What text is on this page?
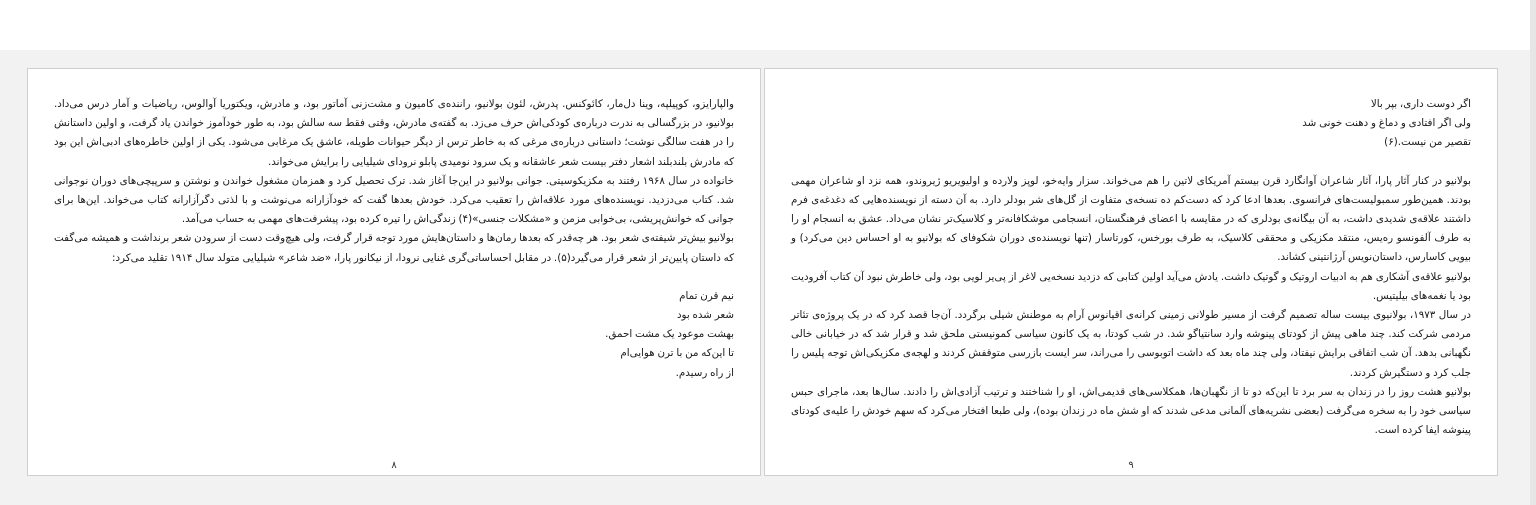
والپارایزو، کوپیلپه، وینا دل‌مار، کائوکنس. پدرش، لئون بولانیو، راننده‌ی کامیون و مشت‌زنی آماتور بود، و مادرش، ویکتوریا آوالوس، ریاضیات و آمار درس می‌داد. بولانیو، در بزرگسالی به ندرت درباره‌ی کودکی‌اش حرف می‌زد. به گفته‌ی مادرش، وقتی فقط سه سالش بود، به طور خودآموز خواندن یاد گرفت، و اولین داستانش را در هفت سالگی نوشت؛ داستانی درباره‌ی مرغی که به خاطر ترس از دیگر حیوانات طویله، عاشق یک مرغابی می‌شود. یکی از اولین خاطره‌های ادبی‌اش این بود که مادرش بلندبلند اشعار دفتر بیست شعر عاشقانه و یک سرود نومیدی پابلو نرودای شیلیایی را برایش می‌خواند.

خانواده در سال ۱۹۶۸ رفتند به مکزیکوسیتی. جوانی بولانیو در این‌جا آغاز شد. ترک تحصیل کرد و همزمان مشغول خواندن و نوشتن و سرپیچی‌های دوران نوجوانی شد. کتاب می‌دزدید. نویسنده‌های مورد علاقه‌اش را تعقیب می‌کرد. خودش بعدها گفت که خودآزارانه می‌نوشت و با لذتی دگرآزارانه کتاب می‌خواند. این‌ها برای جوانی که خوانش‌پریشی، بی‌خوابی مزمن و «مشکلات جنسی»(۴) زندگی‌اش را تیره کرده بود، پیشرفت‌های مهمی به حساب می‌آمد.

بولانیو بیش‌تر شیفته‌ی شعر بود. هر چه‌قدر که بعدها رمان‌ها و داستان‌هایش مورد توجه قرار گرفت، ولی هیچ‌وقت دست از سرودن شعر برنداشت و همیشه می‌گفت که داستان پایین‌تر از شعر قرار می‌گیرد(۵). در مقابل احساساتی‌گری غنایی نرودا، از نیکانور پارا، «ضد شاعر» شیلیایی متولد سال ۱۹۱۴ تقلید می‌کرد:

نیم قرن تمام

شعر شده بود

بهشت موعود یک مشت احمق.

تا این‌که من با ترن هوایی‌ام

از راه رسیدم.

۸

اگر دوست داری، بپر بالا

ولی اگر افتادی و دماغ و دهنت خونی شد

تقصیر من نیست.(۶)

بولانیو در کنار آثار پارا، آثار شاعران آوانگارد قرن بیستم آمریکای لاتین را هم می‌خواند. سزار وایه‌خو، لوپز ولارده و اولیویریو ژیروندو، همه نزد او شاعران مهمی بودند. همین‌طور سمبولیست‌های فرانسوی. بعدها ادعا کرد که دست‌کم ده نسخه‌ی متفاوت از گل‌های شر بودلر دارد. به آن دسته از نویسنده‌هایی که دغدغه‌ی فرم داشتند علاقه‌ی شدیدی داشت، به آن بیگانه‌ی بودلری که در مقایسه با اعضای فرهنگستان، انسجامی موشکافانه‌تر و کلاسیک‌تر نشان می‌داد. عشق به انسجام او را به طرف آلفونسو ره‌یس، منتقد مکزیکی و محققی کلاسیک، به طرف بورخس، کورتاسار (تنها نویسنده‌ی دوران شکوفای که بولانیو به او احساس دین می‌کرد) و بیویی کاسارس، داستان‌نویس آرژانتینی کشاند.

بولانیو علاقه‌ی آشکاری هم به ادبیات اروتیک و گوتیک داشت. یادش می‌آید اولین کتابی که دزدید نسخه‌یی لاغر از پی‌یر لویی بود، ولی خاطرش نبود آن کتاب آفرودیت بود یا نغمه‌های بیلیتیس.

در سال ۱۹۷۳، بولانیوی بیست ساله تصمیم گرفت از مسیر طولانی زمینی کرانه‌ی اقیانوس آرام به موطنش شیلی برگردد. آن‌جا قصد کرد که در یک پروژه‌ی تئاتر مردمی شرکت کند. چند ماهی پیش از کودتای پینوشه وارد سانتیاگو شد. در شب کودتا، به یک کانون سیاسی کمونیستی ملحق شد و قرار شد که در خیابانی خالی نگهبانی بدهد. آن شب اتفاقی برایش نیفتاد، ولی چند ماه بعد که داشت اتوبوسی را می‌راند، سر ایست بازرسی متوقفش کردند و لهجه‌ی مکزیکی‌اش توجه پلیس را جلب کرد و دستگیرش کردند.

بولانیو هشت روز را در زندان به سر برد تا این‌که دو تا از نگهبان‌ها، همکلاسی‌های قدیمی‌اش، او را شناختند و ترتیب آزادی‌اش را دادند. سال‌ها بعد، ماجرای حبس سیاسی خود را به سخره می‌گرفت (بعضی نشریه‌های آلمانی مدعی شدند که او شش ماه در زندان بوده)، ولی طبعا افتخار می‌کرد که سهم خودش را علیه‌ی کودتای پینوشه ایفا کرده است.

۹
